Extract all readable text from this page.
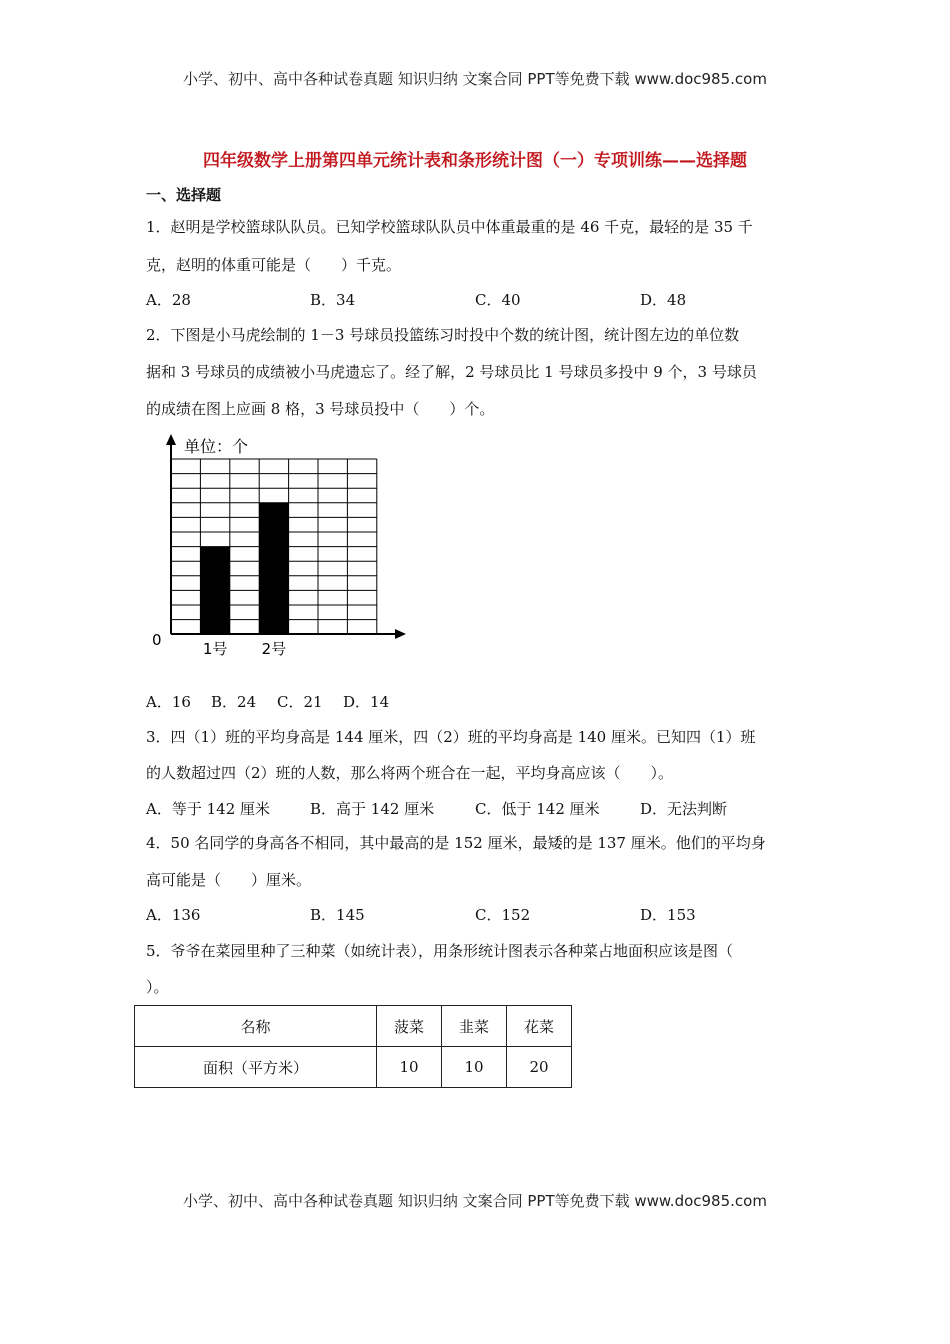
小学、初中、高中各种试卷真题 知识归纳 文案合同 PPT等免费下载 www.doc985.com
四年级数学上册第四单元统计表和条形统计图（一）专项训练——选择题
一、选择题
1．赵明是学校篮球队队员。已知学校篮球队队员中体重最重的是 46 千克，最轻的是 35 千
克，赵明的体重可能是（　　）千克。
A．28	B．34	C．40	D．48
2．下图是小马虎绘制的 1－3 号球员投篮练习时投中个数的统计图，统计图左边的单位数
据和 3 号球员的成绩被小马虎遗忘了。经了解，2 号球员比 1 号球员多投中 9 个，3 号球员
的成绩在图上应画 8 格，3 号球员投中（　　）个。
单位：个
0	1号 2号
A．16 B．24 C．21 D．14
3．四（1）班的平均身高是 144 厘米，四（2）班的平均身高是 140 厘米。已知四（1）班
的人数超过四（2）班的人数，那么将两个班合在一起，平均身高应该（　　）。
A．等于 142 厘米	B．高于 142 厘米	C．低于 142 厘米	D．无法判断
4．50 名同学的身高各不相同，其中最高的是 152 厘米，最矮的是 137 厘米。他们的平均身
高可能是（　　）厘米。
A．136	B．145	C．152	D．153
5．爷爷在菜园里种了三种菜（如统计表），用条形统计图表示各种菜占地面积应该是图（
）。
名称	菠菜	韭菜	花菜
面积（平方米）	10	10	20
小学、初中、高中各种试卷真题 知识归纳 文案合同 PPT等免费下载 www.doc985.com
